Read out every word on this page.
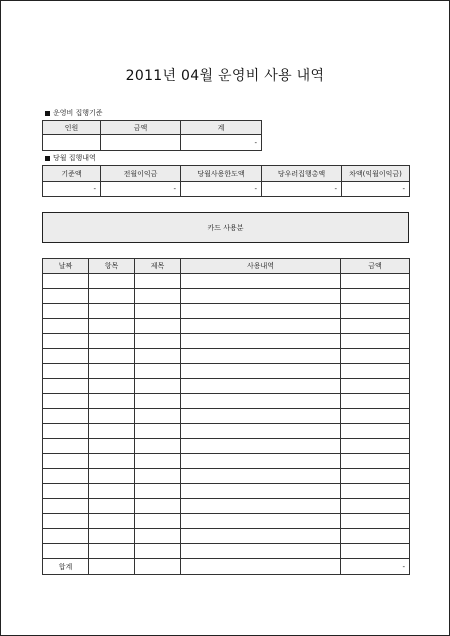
2011년 04월 운영비 사용 내역
운영비 집행기준
인원	금액	계
		-
당월 집행내역
기준액	전월이익금	당월사용한도액	당우러집행총액	차액(익월이익금)
-	-	-	-	-
카드 사용분
날짜	항목	제목	사용내역	금액

합계				-
